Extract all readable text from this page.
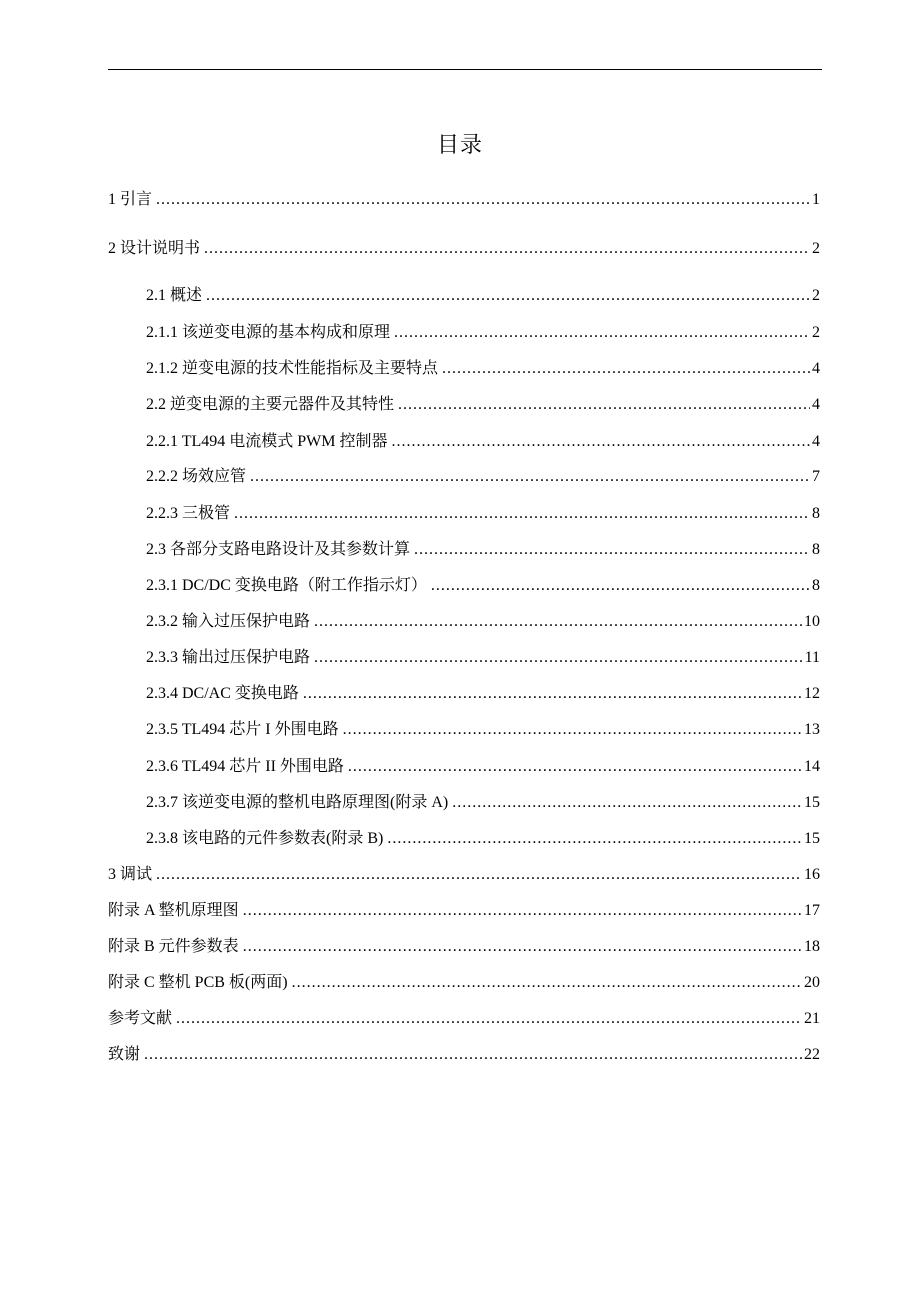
目录
1 引言 .....	1
2 设计说明书 .....	2
2.1 概述 .....	2
2.1.1 该逆变电源的基本构成和原理 .....	2
2.1.2 逆变电源的技术性能指标及主要特点 .....	4
2.2 逆变电源的主要元器件及其特性 .....	4
2.2.1 TL494 电流模式 PWM 控制器 .....	4
2.2.2 场效应管 .....	7
2.2.3 三极管 .....	8
2.3 各部分支路电路设计及其参数计算 .....	8
2.3.1 DC/DC 变换电路（附工作指示灯） .....	8
2.3.2 输入过压保护电路 .....	10
2.3.3 输出过压保护电路 .....	11
2.3.4 DC/AC 变换电路 .....	12
2.3.5 TL494 芯片 I 外围电路 .....	13
2.3.6 TL494 芯片 II 外围电路 .....	14
2.3.7 该逆变电源的整机电路原理图(附录 A) .....	15
2.3.8 该电路的元件参数表(附录 B) .....	15
3 调试 .....	16
附录 A 整机原理图 .....	17
附录 B 元件参数表 .....	18
附录 C 整机 PCB 板(两面) .....	20
参考文献 .....	21
致谢 .....	22
